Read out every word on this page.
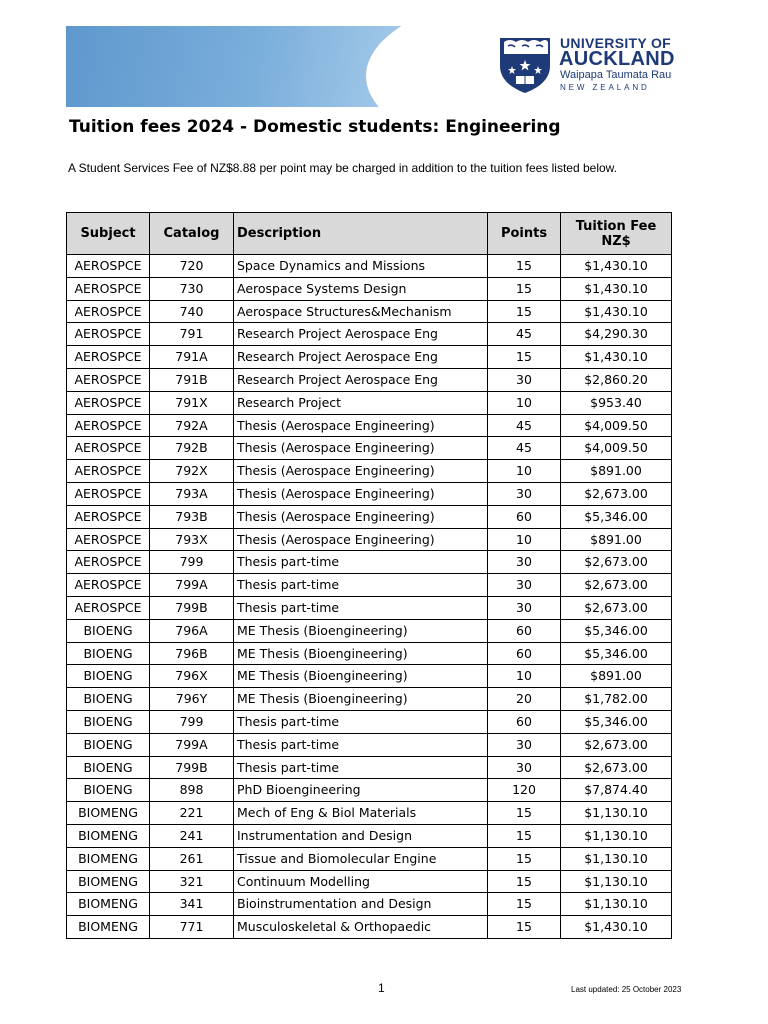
UNIVERSITY OF
AUCKLAND
Waipapa Taumata Rau
NEW ZEALAND
Tuition fees 2024 - Domestic students: Engineering
A Student Services Fee of NZ$8.88 per point may be charged in addition to the tuition fees listed below.
Subject	Catalog	Description	Points	Tuition Fee NZ$
AEROSPCE	720	Space Dynamics and Missions	15	$1,430.10
AEROSPCE	730	Aerospace Systems Design	15	$1,430.10
AEROSPCE	740	Aerospace Structures&Mechanism	15	$1,430.10
AEROSPCE	791	Research Project Aerospace Eng	45	$4,290.30
AEROSPCE	791A	Research Project Aerospace Eng	15	$1,430.10
AEROSPCE	791B	Research Project Aerospace Eng	30	$2,860.20
AEROSPCE	791X	Research Project	10	$953.40
AEROSPCE	792A	Thesis (Aerospace Engineering)	45	$4,009.50
AEROSPCE	792B	Thesis (Aerospace Engineering)	45	$4,009.50
AEROSPCE	792X	Thesis (Aerospace Engineering)	10	$891.00
AEROSPCE	793A	Thesis (Aerospace Engineering)	30	$2,673.00
AEROSPCE	793B	Thesis (Aerospace Engineering)	60	$5,346.00
AEROSPCE	793X	Thesis (Aerospace Engineering)	10	$891.00
AEROSPCE	799	Thesis part-time	30	$2,673.00
AEROSPCE	799A	Thesis part-time	30	$2,673.00
AEROSPCE	799B	Thesis part-time	30	$2,673.00
BIOENG	796A	ME Thesis (Bioengineering)	60	$5,346.00
BIOENG	796B	ME Thesis (Bioengineering)	60	$5,346.00
BIOENG	796X	ME Thesis (Bioengineering)	10	$891.00
BIOENG	796Y	ME Thesis (Bioengineering)	20	$1,782.00
BIOENG	799	Thesis part-time	60	$5,346.00
BIOENG	799A	Thesis part-time	30	$2,673.00
BIOENG	799B	Thesis part-time	30	$2,673.00
BIOENG	898	PhD Bioengineering	120	$7,874.40
BIOMENG	221	Mech of Eng & Biol Materials	15	$1,130.10
BIOMENG	241	Instrumentation and Design	15	$1,130.10
BIOMENG	261	Tissue and Biomolecular Engine	15	$1,130.10
BIOMENG	321	Continuum Modelling	15	$1,130.10
BIOMENG	341	Bioinstrumentation and Design	15	$1,130.10
BIOMENG	771	Musculoskeletal & Orthopaedic	15	$1,430.10
1	Last updated: 25 October 2023
